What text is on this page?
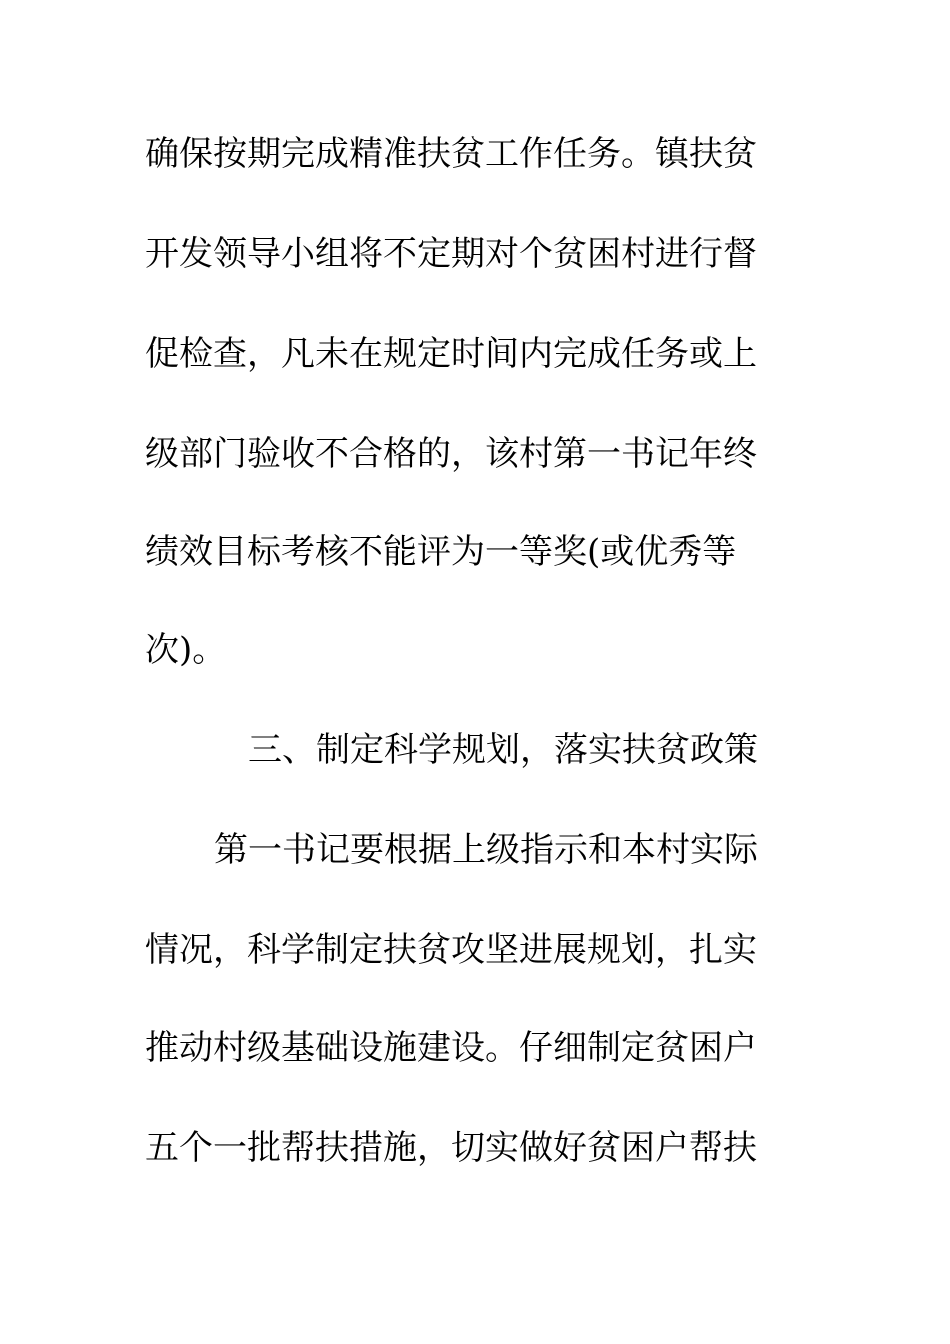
确保按期完成精准扶贫工作任务。镇扶贫
开发领导小组将不定期对个贫困村进行督
促检查，凡未在规定时间内完成任务或上
级部门验收不合格的，该村第一书记年终
绩效目标考核不能评为一等奖(或优秀等
次)。
三、制定科学规划，落实扶贫政策
第一书记要根据上级指示和本村实际
情况，科学制定扶贫攻坚进展规划，扎实
推动村级基础设施建设。仔细制定贫困户
五个一批帮扶措施，切实做好贫困户帮扶
